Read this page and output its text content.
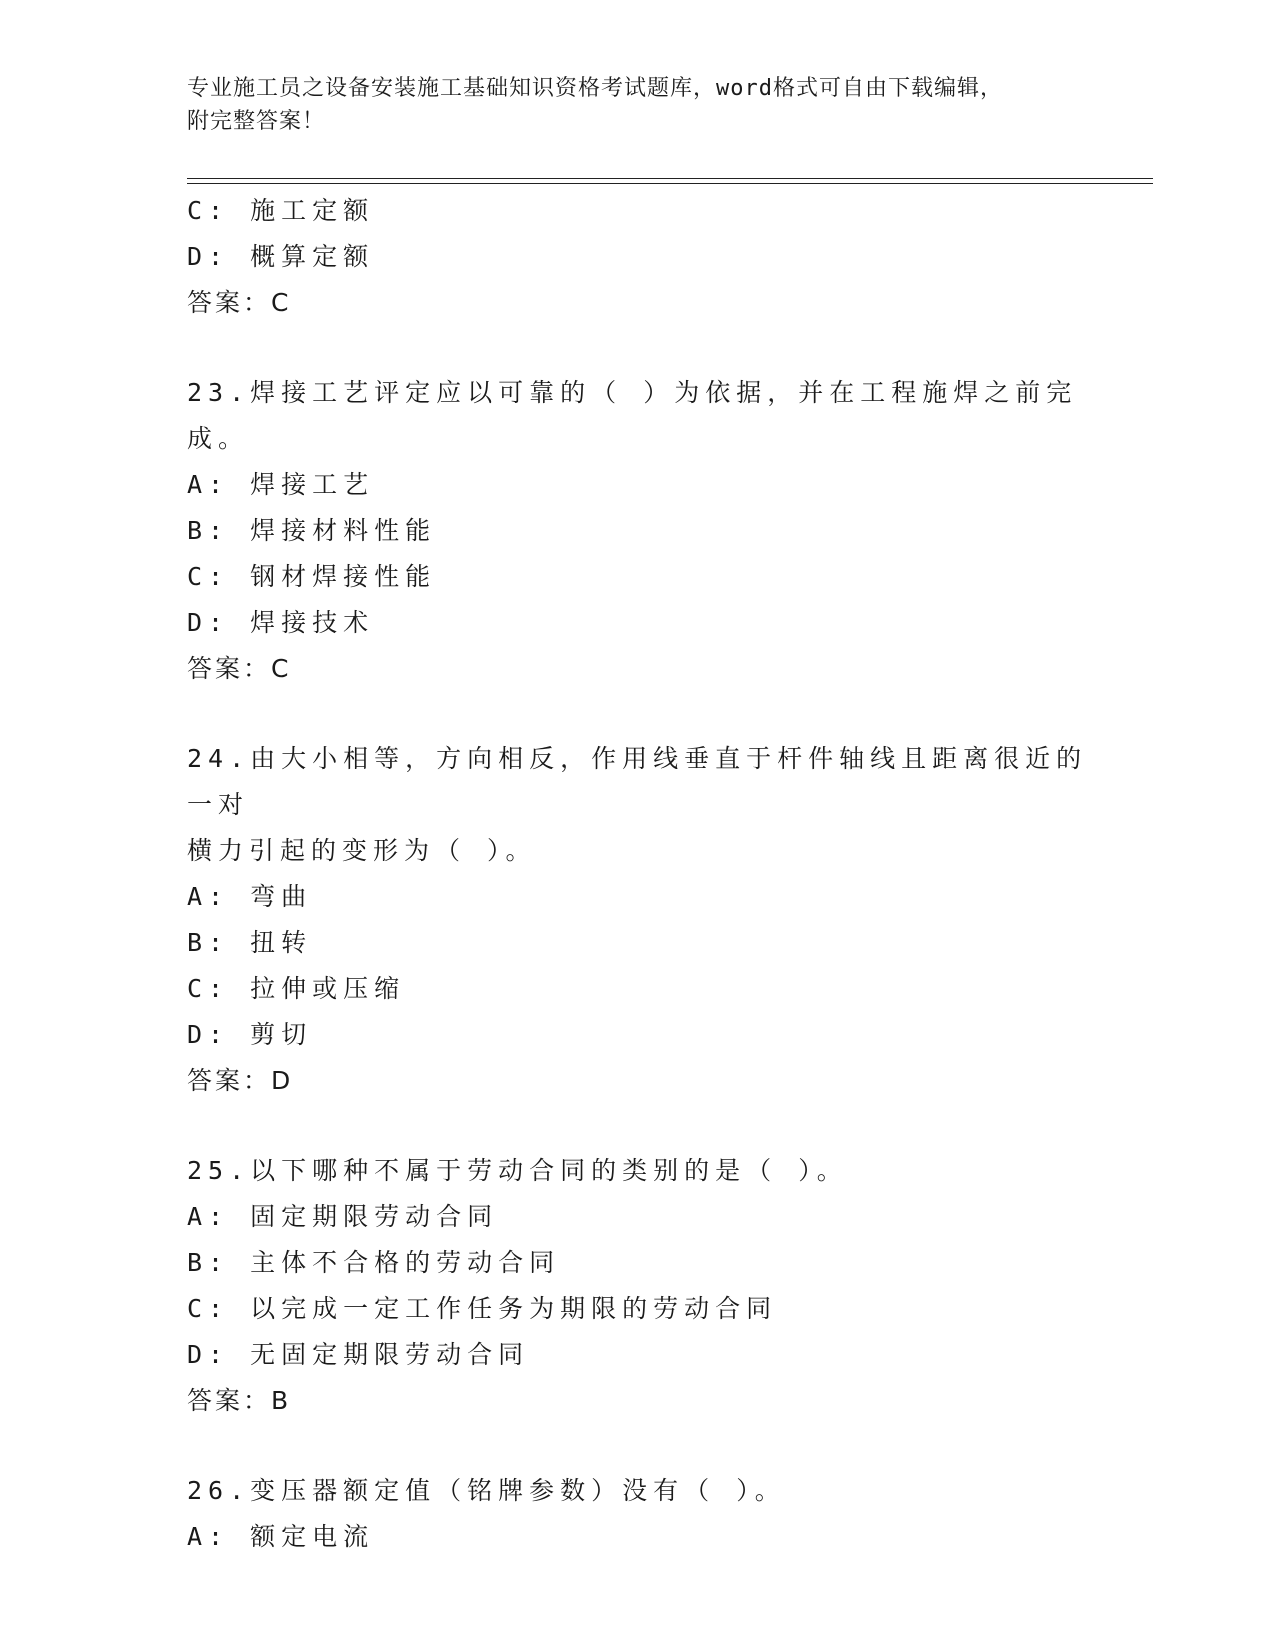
专业施工员之设备安装施工基础知识资格考试题库，word格式可自由下载编辑，
附完整答案！
C: 施工定额
D: 概算定额
答案：C
23.焊接工艺评定应以可靠的（ ）为依据，并在工程施焊之前完成。
A: 焊接工艺
B: 焊接材料性能
C: 钢材焊接性能
D: 焊接技术
答案：C
24.由大小相等，方向相反，作用线垂直于杆件轴线且距离很近的一对
横力引起的变形为（ ）。
A: 弯曲
B: 扭转
C: 拉伸或压缩
D: 剪切
答案：D
25.以下哪种不属于劳动合同的类别的是（ ）。
A: 固定期限劳动合同
B: 主体不合格的劳动合同
C: 以完成一定工作任务为期限的劳动合同
D: 无固定期限劳动合同
答案：B
26.变压器额定值（铭牌参数）没有（ ）。
A: 额定电流
